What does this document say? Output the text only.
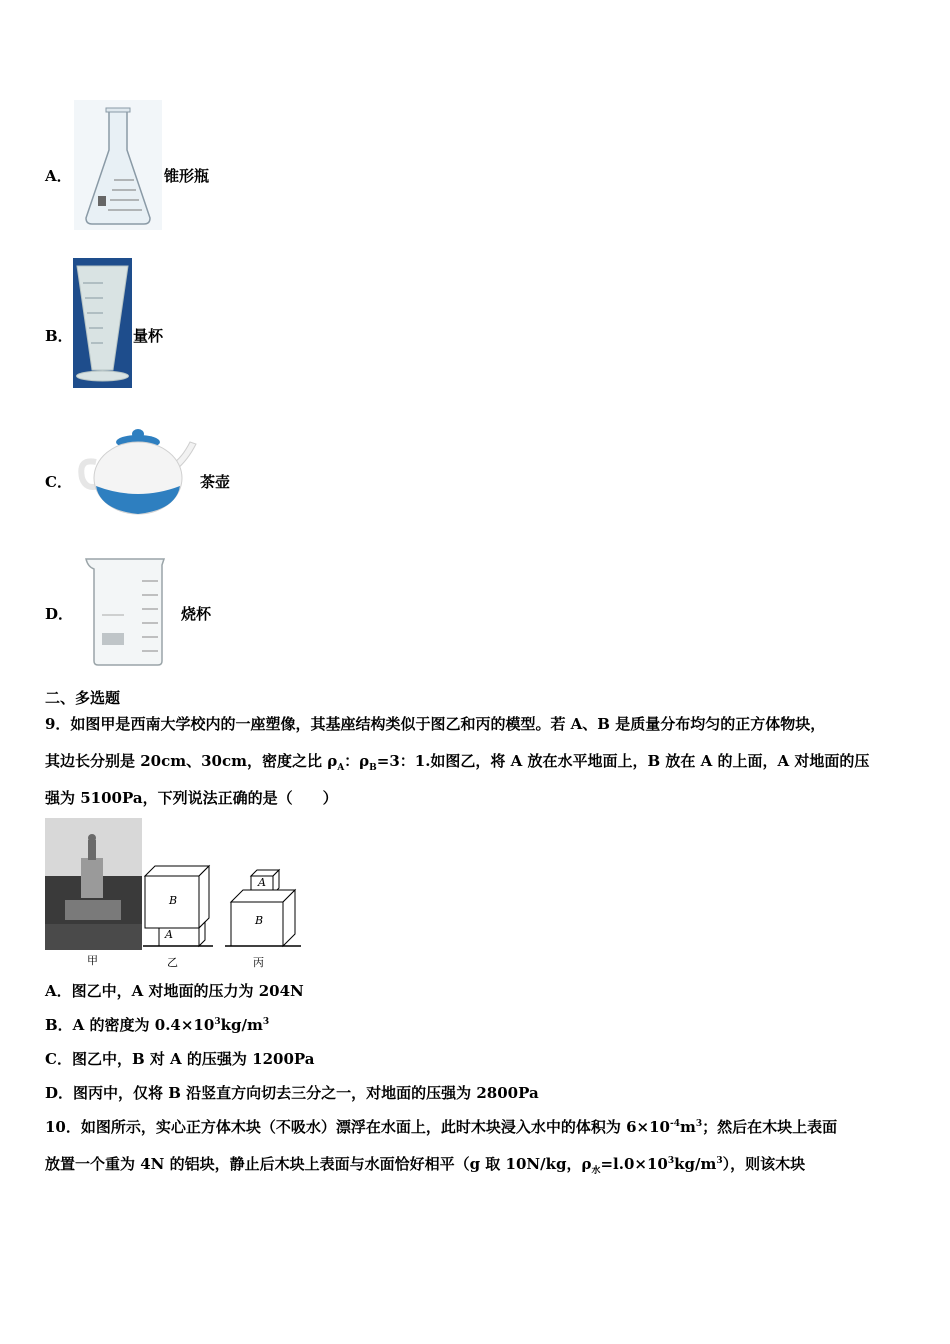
A．	锥形瓶
B．	量杯
C．	茶壶
D．	烧杯
二、多选题
9．如图甲是西南大学校内的一座塑像，其基座结构类似于图乙和丙的模型。若 A、B 是质量分布均匀的正方体物块，
其边长分别是 20cm、30cm，密度之比 $\rho_A$：$\rho_B=3$：1.如图乙，将 A 放在水平地面上，B 放在 A 的上面，A 对地面的压
强为 5100Pa，下列说法正确的是（　　）
B
A
A
B
甲	乙	丙
A．图乙中，A 对地面的压力为 204N
B．A 的密度为 $0.4\times 10^3kg/m^3$
C．图乙中，B 对 A 的压强为 1200Pa
D．图丙中，仅将 B 沿竖直方向切去三分之一，对地面的压强为 2800Pa
10．如图所示，实心正方体木块（不吸水）漂浮在水面上，此时木块浸入水中的体积为 $6\times 10^{-4}m^3$；然后在木块上表面
放置一个重为 4N 的铝块，静止后木块上表面与水面恰好相平（g 取 10N/kg，$\rho_水=l.0\times 10^3kg/m^3$），则该木块
